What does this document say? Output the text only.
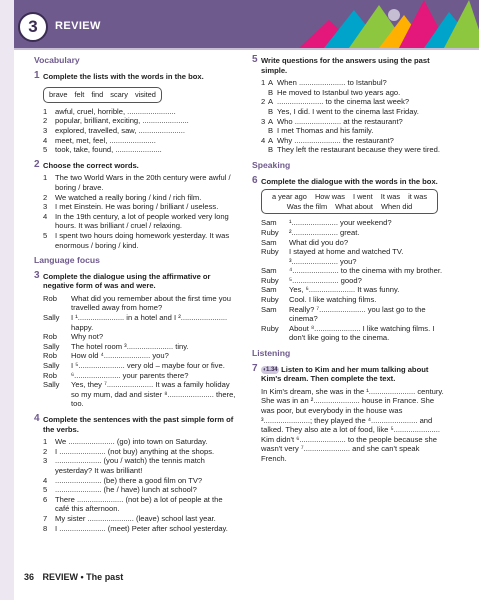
3	REVIEW
Vocabulary
1 Complete the lists with the words in the box.
brave felt find scary visited
1 awful, cruel, horrible, .......................
2 popular, brilliant, exciting, ......................
3 explored, travelled, saw, ......................
4 meet, met, feel, ......................
5 took, take, found, ......................
2 Choose the correct words.
1 The two World Wars in the 20th century were awful / boring / brave.
2 We watched a really boring / kind / rich film.
3 I met Einstein. He was boring / brilliant / useless.
4 In the 19th century, a lot of people worked very long hours. It was brilliant / cruel / relaxing.
5 I spent two hours doing homework yesterday. It was enormous / boring / kind.
Language focus
3 Complete the dialogue using the affirmative or negative form of was and were.
Rob What did you remember about the first time you travelled away from home?
Sally I ¹...................... in a hotel and I ²...................... happy.
Rob Why not?
Sally The hotel room ³...................... tiny.
Rob How old ⁴...................... you?
Sally I ⁵...................... very old – maybe four or five.
Rob ⁶...................... your parents there?
Sally Yes, they ⁷...................... It was a family holiday so my mum, dad and sister ⁸...................... there, too.
4 Complete the sentences with the past simple form of the verbs.
1 We ...................... (go) into town on Saturday.
2 I ...................... (not buy) anything at the shops.
3 ...................... (you / watch) the tennis match yesterday? It was brilliant!
4 ...................... (be) there a good film on TV?
5 ...................... (he / have) lunch at school?
6 There ...................... (not be) a lot of people at the café this afternoon.
7 My sister ...................... (leave) school last year.
8 I ...................... (meet) Peter after school yesterday.
5 Write questions for the answers using the past simple.
1 A When ...................... to Istanbul?
B He moved to Istanbul two years ago.
2 A ...................... to the cinema last week?
B Yes, I did. I went to the cinema last Friday.
3 A Who ...................... at the restaurant?
B I met Thomas and his family.
4 A Why ...................... the restaurant?
B They left the restaurant because they were tired.
Speaking
6 Complete the dialogue with the words in the box.
a year ago How was I went It was it was
Was the film What about When did
Sam ¹...................... your weekend?
Ruby ²...................... great.
Sam What did you do?
Ruby I stayed at home and watched TV. ³...................... you?
Sam ⁴...................... to the cinema with my brother.
Ruby ⁵...................... good?
Sam Yes, ⁶...................... It was funny.
Ruby Cool. I like watching films.
Sam Really? ⁷...................... you last go to the cinema?
Ruby About ⁸...................... I like watching films. I don't like going to the cinema.
Listening
7 ◖1.34 Listen to Kim and her mum talking about Kim's dream. Then complete the text.
In Kim's dream, she was in the ¹...................... century. She was in an ²...................... house in France. She was poor, but everybody in the house was ³......................; they played the ⁴...................... and talked. They also ate a lot of food, like ⁵...................... Kim didn't ⁶...................... to the people because she wasn't very ⁷...................... and she can't speak French.
36 REVIEW • The past
